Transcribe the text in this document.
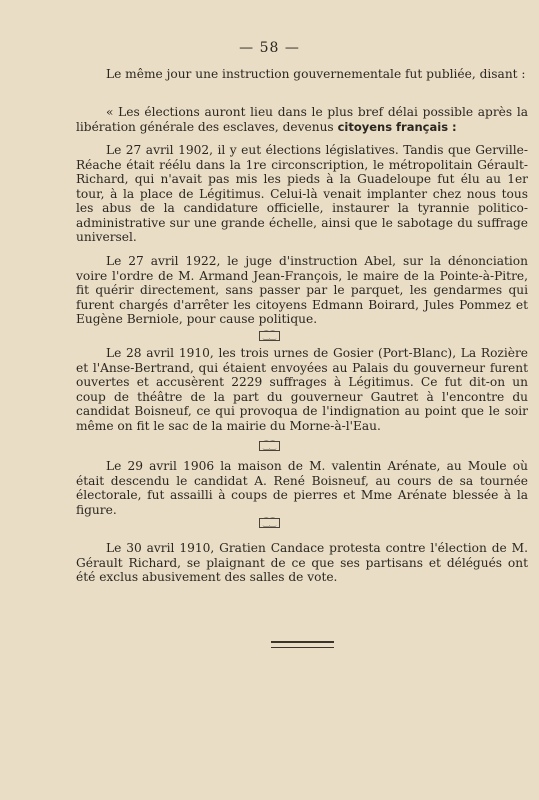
— 58 —

Le même jour une instruction gouvernementale fut publiée, disant :

« Les élections auront lieu dans le plus bref délai possible après la libération générale des esclaves, devenus citoyens français :

Le 27 avril 1902, il y eut élections législatives. Tandis que Gerville-Réache était réélu dans la 1re circonscription, le métropolitain Gérault-Richard, qui n'avait pas mis les pieds à la Guadeloupe fut élu au 1er tour, à la place de Légitimus. Celui-là venait implanter chez nous tous les abus de la candidature officielle, instaurer la tyrannie politico-administrative sur une grande échelle, ainsi que le sabotage du suffrage universel.

Le 27 avril 1922, le juge d'instruction Abel, sur la dénonciation voire l'ordre de M. Armand Jean-François, le maire de la Pointe-à-Pitre, fit quérir directement, sans passer par le parquet, les gendarmes qui furent chargés d'arrêter les citoyens Edmann Boirard, Jules Pommez et Eugène Berniole, pour cause politique.

⁐⁐

Le 28 avril 1910, les trois urnes de Gosier (Port-Blanc), La Rozière et l'Anse-Bertrand, qui étaient envoyées au Palais du gouverneur furent ouvertes et accusèrent 2229 suffrages à Légitimus. Ce fut dit-on un coup de théâtre de la part du gouverneur Gautret à l'encontre du candidat Boisneuf, ce qui provoqua de l'indignation au point que le soir même on fit le sac de la mairie du Morne-à-l'Eau.

⁐⁐

Le 29 avril 1906 la maison de M. valentin Arénate, au Moule où était descendu le candidat A. René Boisneuf, au cours de sa tournée électorale, fut assailli à coups de pierres et Mme Arénate blessée à la figure.

⁐⁐

Le 30 avril 1910, Gratien Candace protesta contre l'élection de M. Gérault Richard, se plaignant de ce que ses partisans et délégués ont été exclus abusivement des salles de vote.
